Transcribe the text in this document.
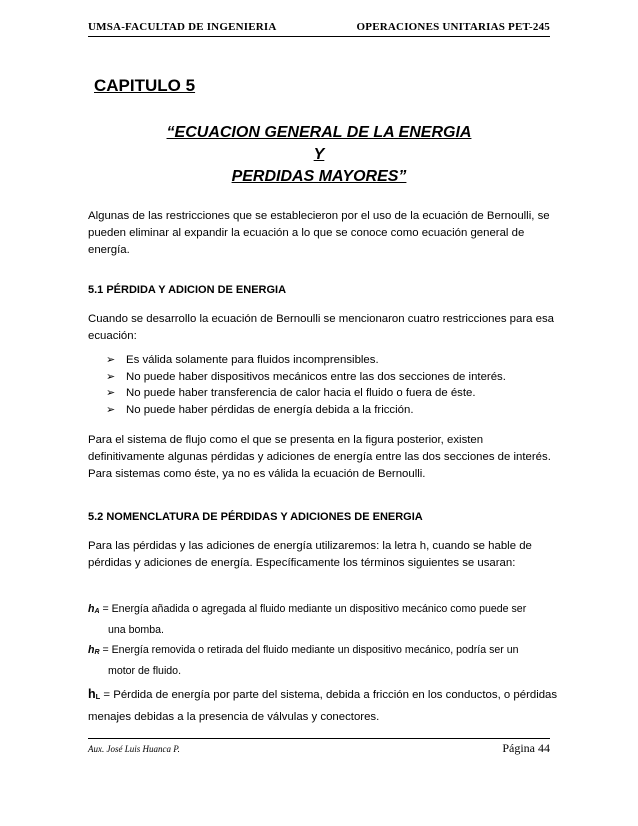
UMSA-FACULTAD DE INGENIERIA	OPERACIONES UNITARIAS PET-245
CAPITULO 5
“ECUACION GENERAL DE LA ENERGIA
Y
PERDIDAS MAYORES”

Algunas de las restricciones que se establecieron por el uso de la ecuación de Bernoulli, se pueden eliminar al expandir la ecuación a lo que se conoce como ecuación general de energía.

5.1 PÉRDIDA Y ADICION DE ENERGIA

Cuando se desarrollo la ecuación de Bernoulli se mencionaron cuatro restricciones para esa ecuación:

➢ Es válida solamente para fluidos incomprensibles.
➢ No puede haber dispositivos mecánicos entre las dos secciones de interés.
➢ No puede haber transferencia de calor hacia el fluido o fuera de éste.
➢ No puede haber pérdidas de energía debida a la fricción.

Para el sistema de flujo como el que se presenta en la figura posterior, existen definitivamente algunas pérdidas y adiciones de energía entre las dos secciones de interés. Para sistemas como éste, ya no es válida la ecuación de Bernoulli.

5.2 NOMENCLATURA DE PÉRDIDAS Y ADICIONES DE ENERGIA

Para las pérdidas y las adiciones de energía utilizaremos: la letra h, cuando se hable de pérdidas y adiciones de energía. Específicamente los términos siguientes se usaran:

hA = Energía añadida o agregada al fluido mediante un dispositivo mecánico como puede ser
una bomba.
hR = Energía removida o retirada del fluido mediante un dispositivo mecánico, podría ser un
motor de fluido.
hL = Pérdida de energía por parte del sistema, debida a fricción en los conductos, o pérdidas menajes debidas a la presencia de válvulas y conectores.
Aux. José Luis Huanca P.	Página 44
